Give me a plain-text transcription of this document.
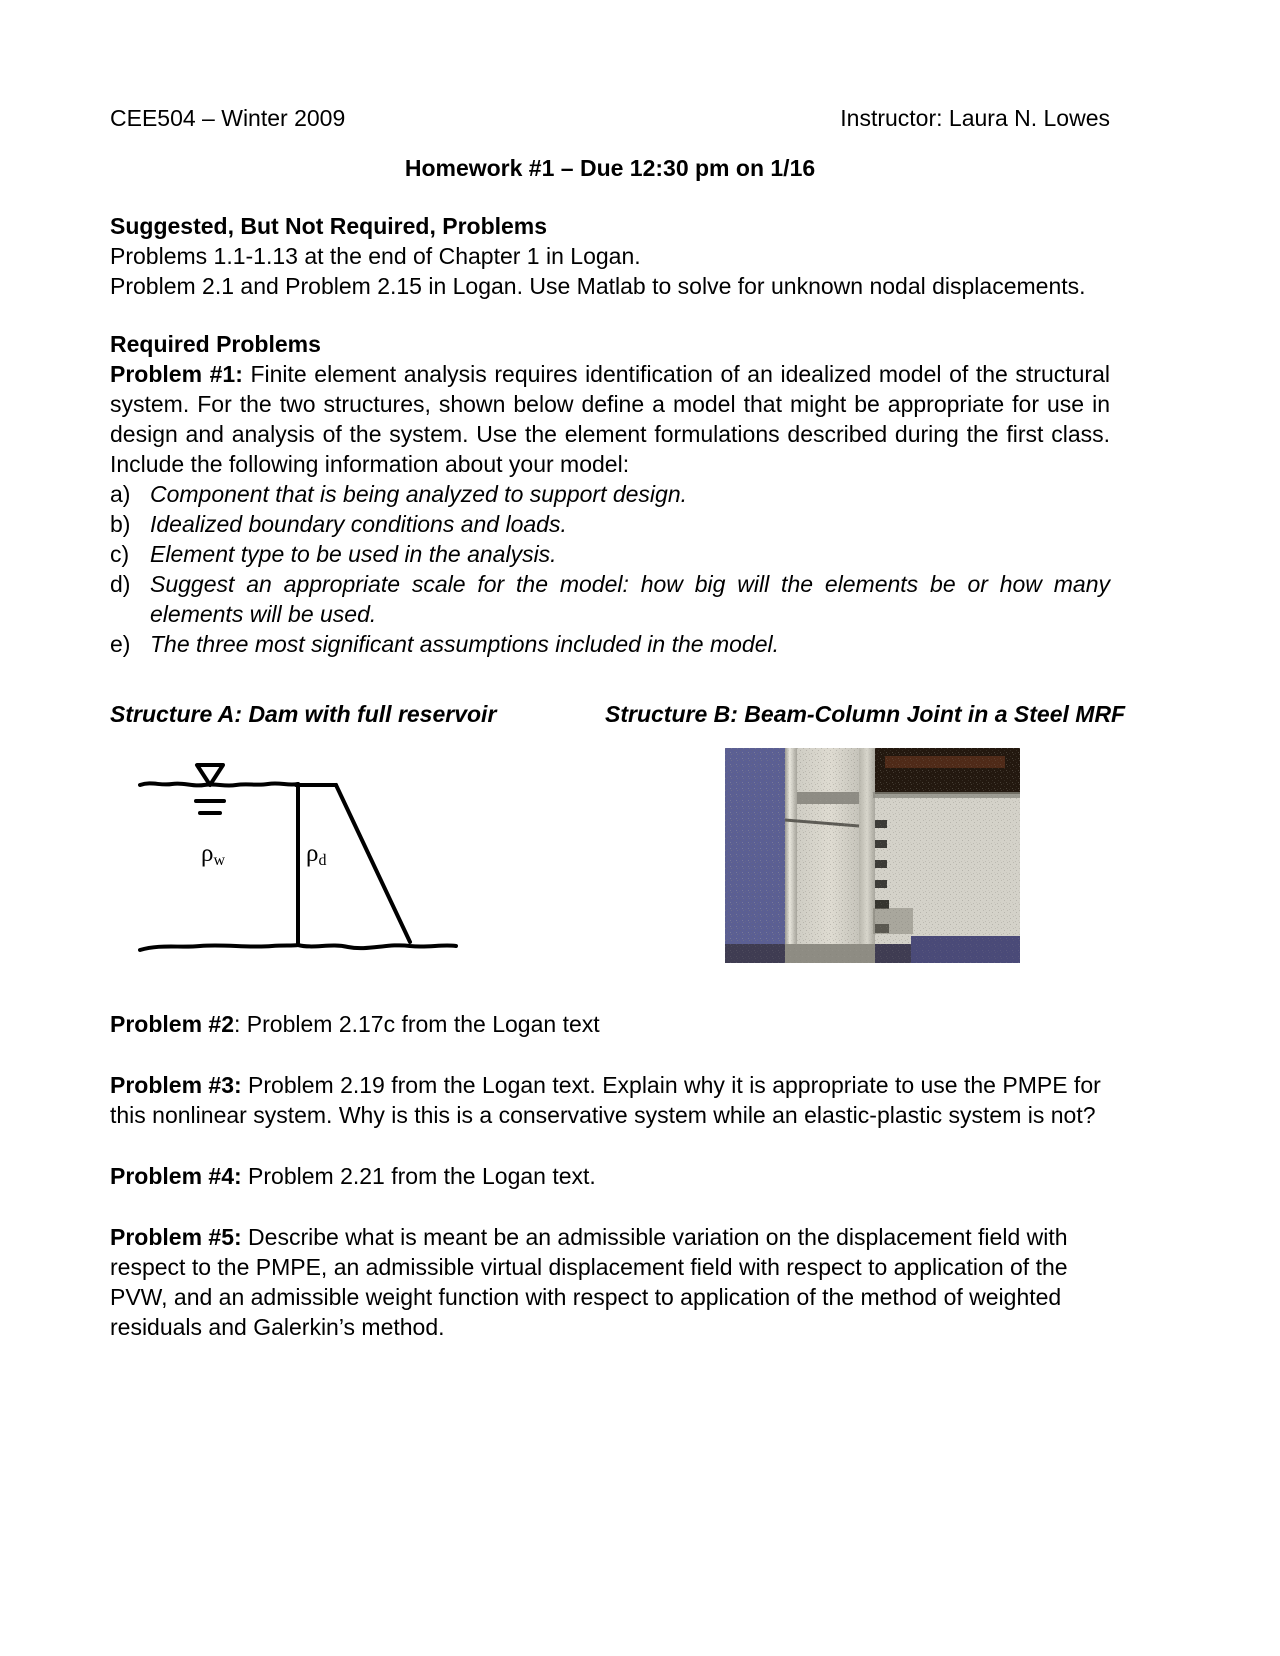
CEE504 – Winter 2009	Instructor: Laura N. Lowes
Homework #1 – Due 12:30 pm on 1/16
Suggested, But Not Required, Problems
Problems 1.1-1.13 at the end of Chapter 1 in Logan.
Problem 2.1 and Problem 2.15 in Logan. Use Matlab to solve for unknown nodal displacements.
Required Problems
Problem #1: Finite element analysis requires identification of an idealized model of the structural system. For the two structures, shown below define a model that might be appropriate for use in design and analysis of the system. Use the element formulations described during the first class. Include the following information about your model:
a) Component that is being analyzed to support design.
b) Idealized boundary conditions and loads.
c) Element type to be used in the analysis.
d) Suggest an appropriate scale for the model: how big will the elements be or how many elements will be used.
e) The three most significant assumptions included in the model.
Structure A: Dam with full reservoir	Structure B: Beam-Column Joint in a Steel MRF
$\rho_w$	$\rho_d$
Problem #2: Problem 2.17c from the Logan text
Problem #3: Problem 2.19 from the Logan text. Explain why it is appropriate to use the PMPE for this nonlinear system. Why is this is a conservative system while an elastic-plastic system is not?
Problem #4: Problem 2.21 from the Logan text.
Problem #5: Describe what is meant be an admissible variation on the displacement field with respect to the PMPE, an admissible virtual displacement field with respect to application of the PVW, and an admissible weight function with respect to application of the method of weighted residuals and Galerkin’s method.
